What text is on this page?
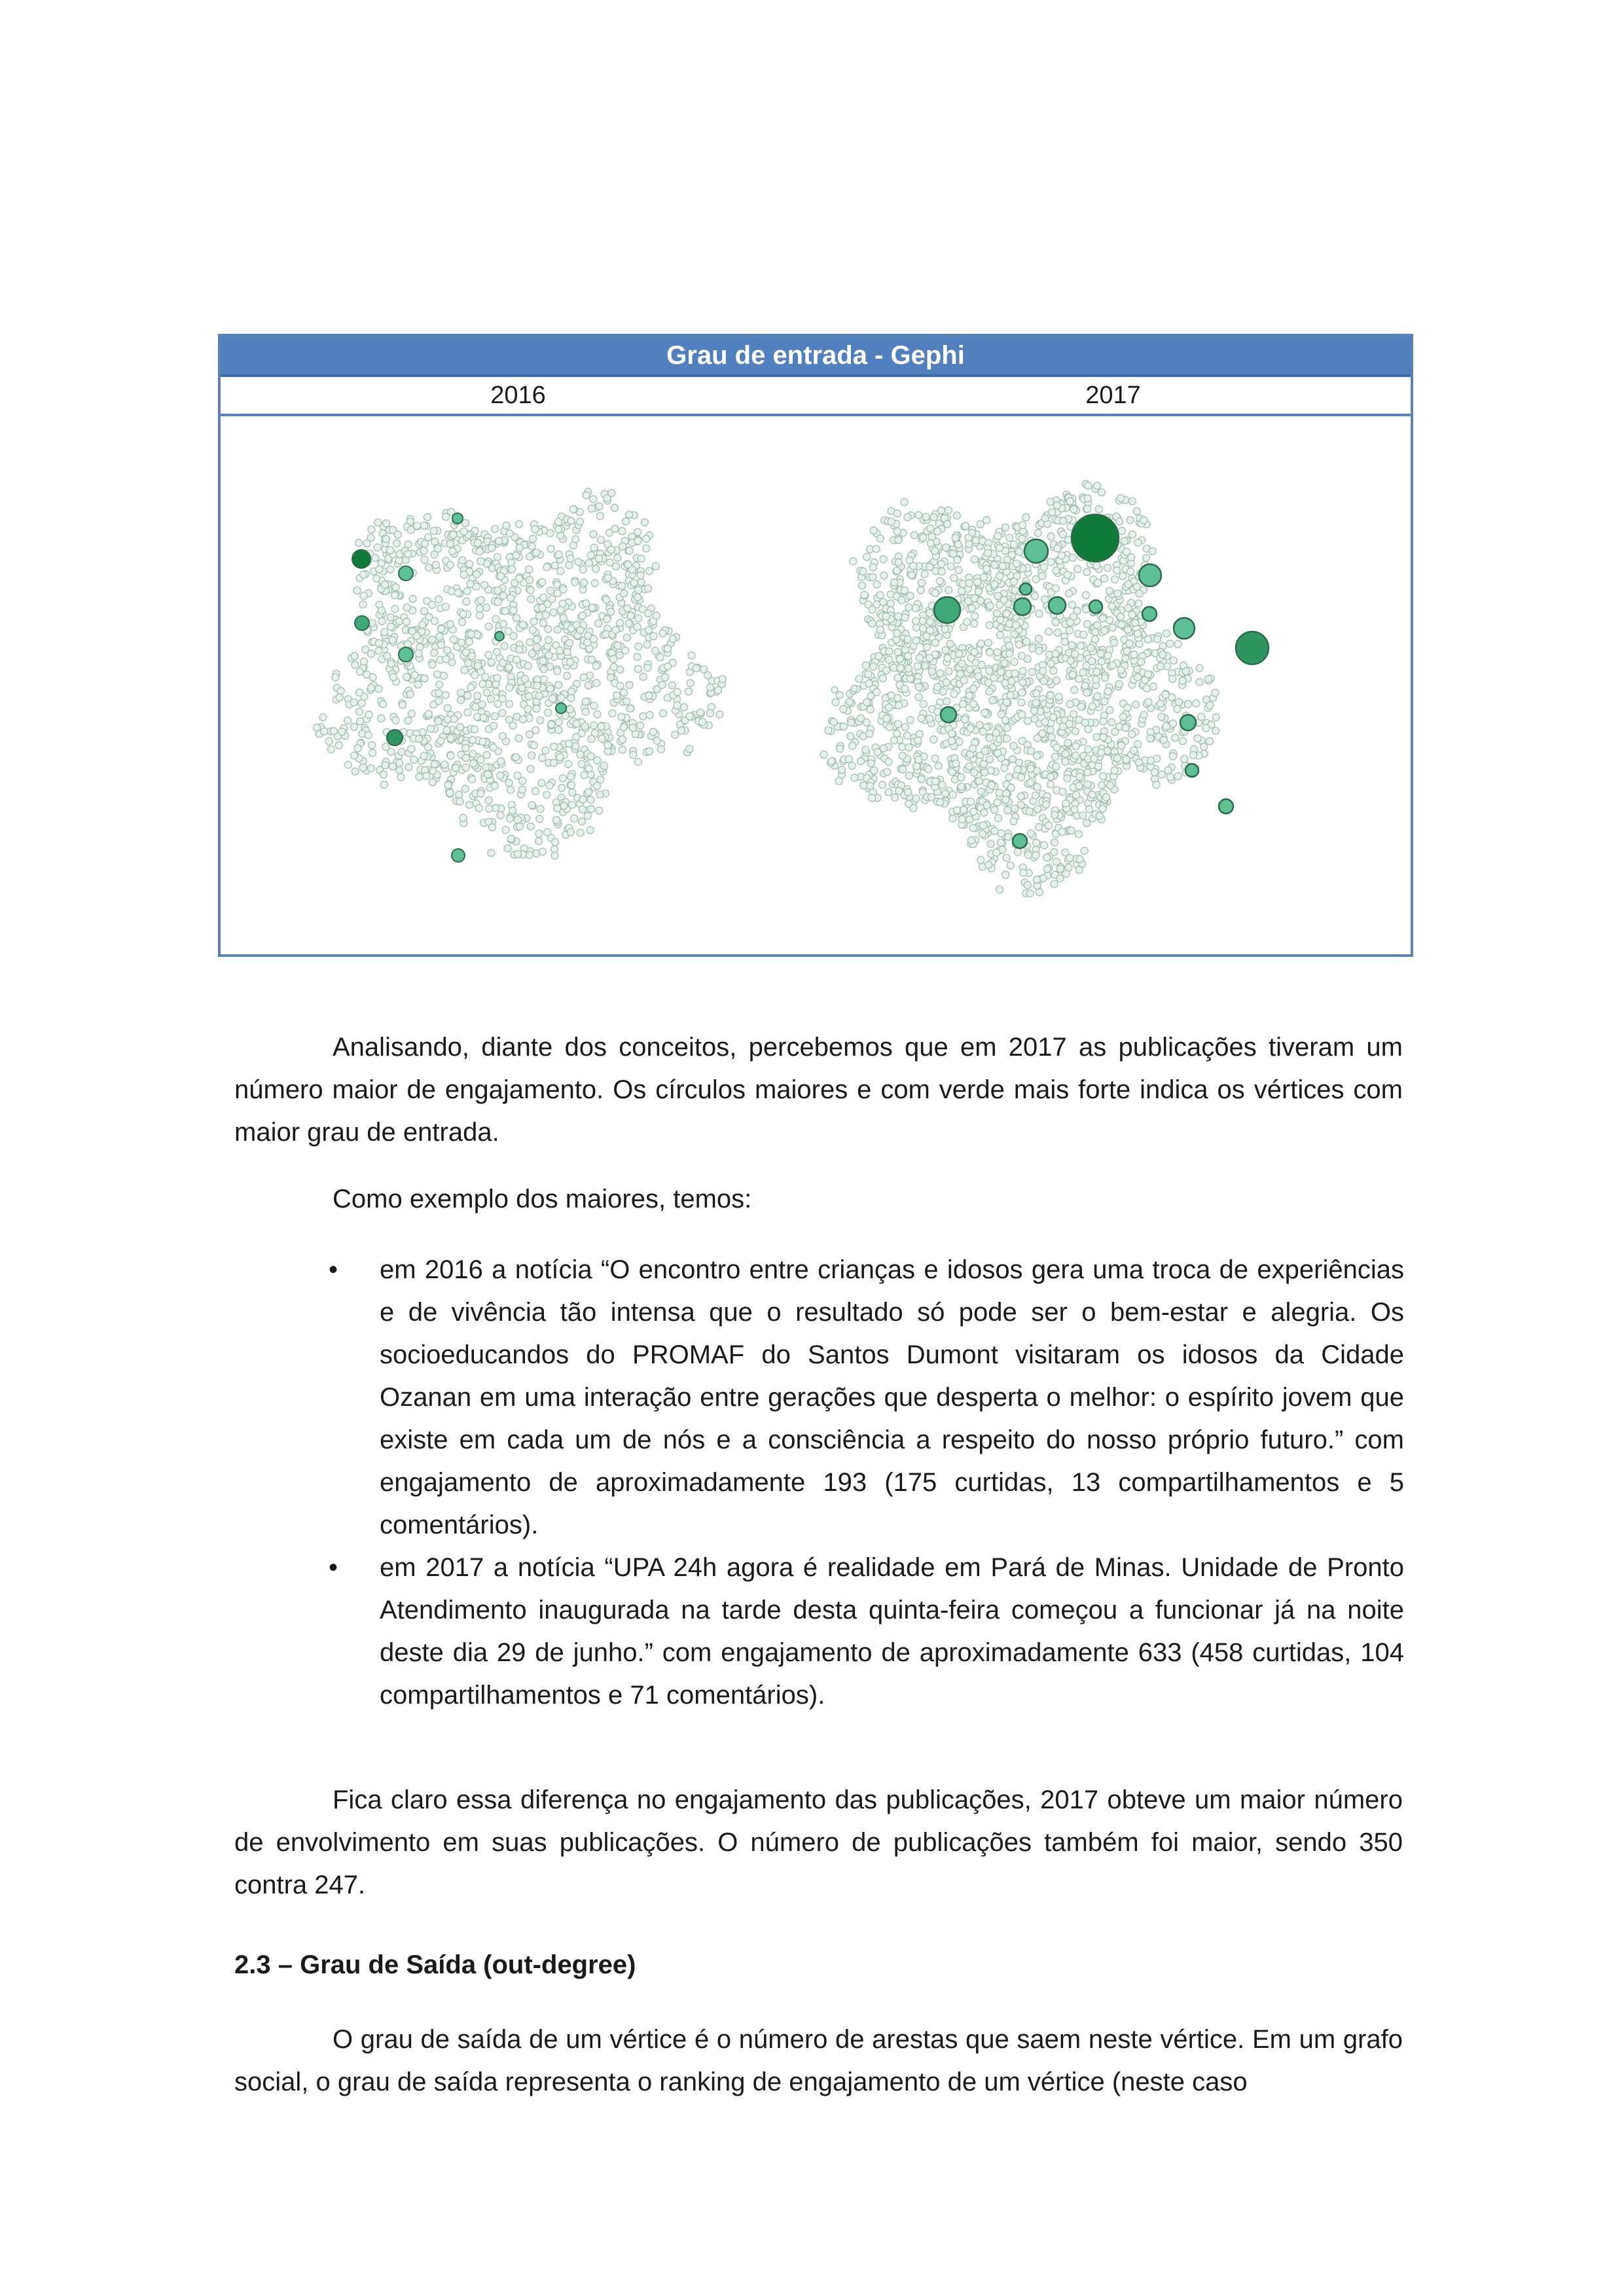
Grau de entrada - Gephi
2016	2017

Analisando, diante dos conceitos, percebemos que em 2017 as publicações tiveram um número maior de engajamento. Os círculos maiores e com verde mais forte indica os vértices com maior grau de entrada.

Como exemplo dos maiores, temos:

• em 2016 a notícia “O encontro entre crianças e idosos gera uma troca de experiências e de vivência tão intensa que o resultado só pode ser o bem-estar e alegria. Os socioeducandos do PROMAF do Santos Dumont visitaram os idosos da Cidade Ozanan em uma interação entre gerações que desperta o melhor: o espírito jovem que existe em cada um de nós e a consciência a respeito do nosso próprio futuro.” com engajamento de aproximadamente 193 (175 curtidas, 13 compartilhamentos e 5 comentários).
• em 2017 a notícia “UPA 24h agora é realidade em Pará de Minas. Unidade de Pronto Atendimento inaugurada na tarde desta quinta-feira começou a funcionar já na noite deste dia 29 de junho.” com engajamento de aproximadamente 633 (458 curtidas, 104 compartilhamentos e 71 comentários).

Fica claro essa diferença no engajamento das publicações, 2017 obteve um maior número de envolvimento em suas publicações. O número de publicações também foi maior, sendo 350 contra 247.

2.3 – Grau de Saída (out-degree)

O grau de saída de um vértice é o número de arestas que saem neste vértice. Em um grafo social, o grau de saída representa o ranking de engajamento de um vértice (neste caso
